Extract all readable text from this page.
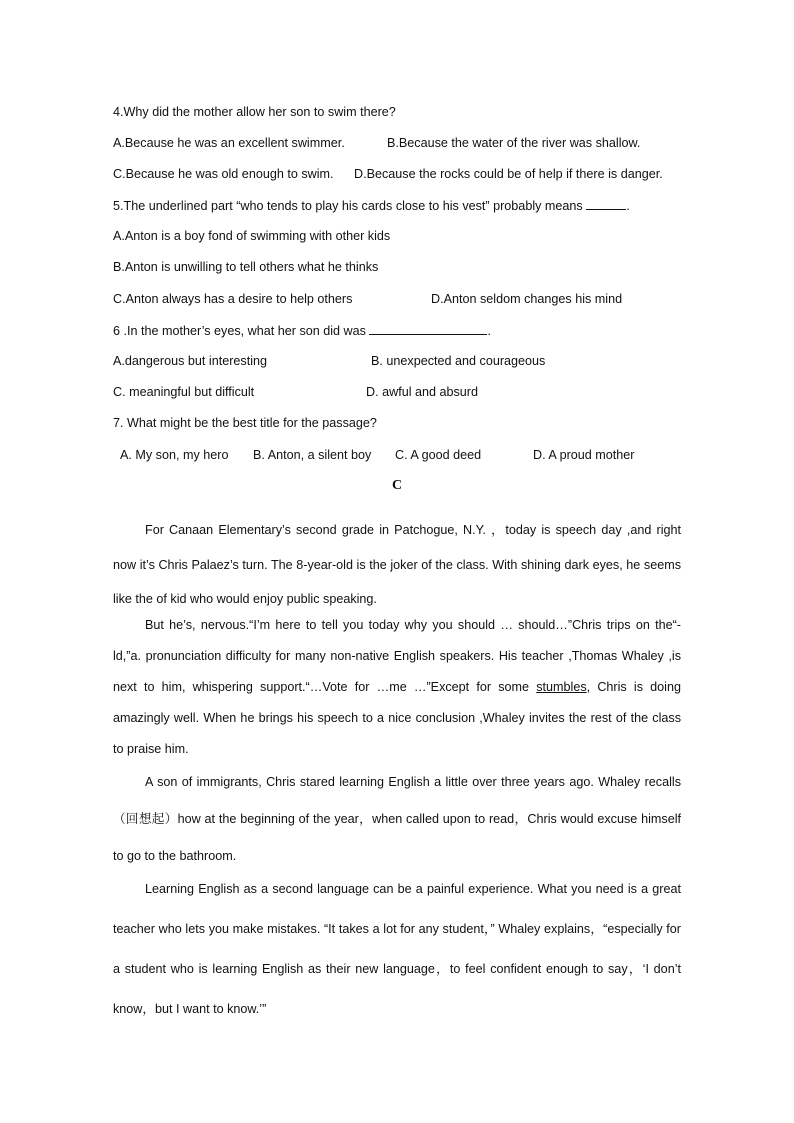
4.Why did the mother allow her son to swim there?
A.Because he was an excellent swimmer.	B.Because the water of the river was shallow.
C.Because he was old enough to swim. D.Because the rocks could be of help if there is danger.
5.The underlined part “who tends to play his cards close to his vest” probably means	.
A.Anton is a boy fond of swimming with other kids
B.Anton is unwilling to tell others what he thinks
C.Anton always has a desire to help others	D.Anton seldom changes his mind
6 .In the mother’s eyes, what her son did was	.
A.dangerous but interesting	B. unexpected and courageous
C. meaningful but difficult	D. awful and absurd
7. What might be the best title for the passage?
A. My son, my hero B. Anton, a silent boy C. A good deed	D. A proud mother
C

For Canaan Elementary’s second grade in Patchogue, N.Y. ，today is speech day ,and right now it’s Chris Palaez’s turn. The 8-year-old is the joker of the class. With shining dark eyes, he seems like the of kid who would enjoy public speaking.

But he’s, nervous.“I’m here to tell you today why you should … should…”Chris trips on the“-ld,”a. pronunciation difficulty for many non-native English speakers. His teacher ,Thomas Whaley ,is next to him, whispering support.“…Vote for …me …”Except for some stumbles, Chris is doing amazingly well. When he brings his speech to a nice conclusion ,Whaley invites the rest of the class to praise him.

A son of immigrants, Chris stared learning English a little over three years ago. Whaley recalls（回想起）how at the beginning of the year，when called upon to read，Chris would excuse himself to go to the bathroom.

Learning English as a second language can be a painful experience. What you need is a great teacher who lets you make mistakes. “It takes a lot for any student，” Whaley explains，“especially for a student who is learning English as their new language，to feel confident enough to say，‘I don’t know，but I want to know.’”
